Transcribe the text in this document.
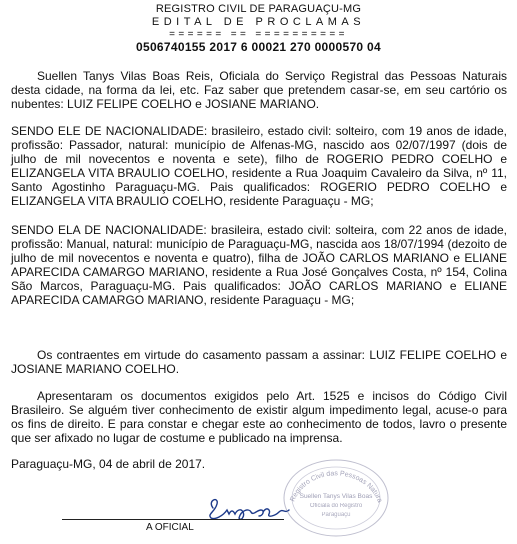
REGISTRO CIVIL DE PARAGUAÇU-MG
EDITAL DE PROCLAMAS
====== == ==========
0506740155 2017 6 00021 270 0000570 04

Suellen Tanys Vilas Boas Reis, Oficiala do Serviço Registral das Pessoas Naturais desta cidade, na forma da lei, etc. Faz saber que pretendem casar-se, em seu cartório os nubentes: LUIZ FELIPE COELHO e JOSIANE MARIANO.

SENDO ELE DE NACIONALIDADE: brasileiro, estado civil: solteiro, com 19 anos de idade, profissão: Passador, natural: município de Alfenas-MG, nascido aos 02/07/1997 (dois de julho de mil novecentos e noventa e sete), filho de ROGERIO PEDRO COELHO e ELIZANGELA VITA BRAULIO COELHO, residente a Rua Joaquim Cavaleiro da Silva, nº 11, Santo Agostinho Paraguaçu-MG. Pais qualificados: ROGERIO PEDRO COELHO e ELIZANGELA VITA BRAULIO COELHO, residente Paraguaçu - MG;

SENDO ELA DE NACIONALIDADE: brasileira, estado civil: solteira, com 22 anos de idade, profissão: Manual, natural: município de Paraguaçu-MG, nascida aos 18/07/1994 (dezoito de julho de mil novecentos e noventa e quatro), filha de JOÃO CARLOS MARIANO e ELIANE APARECIDA CAMARGO MARIANO, residente a Rua José Gonçalves Costa, nº 154, Colina São Marcos, Paraguaçu-MG. Pais qualificados: JOÃO CARLOS MARIANO e ELIANE APARECIDA CAMARGO MARIANO, residente Paraguaçu - MG;

Os contraentes em virtude do casamento passam a assinar: LUIZ FELIPE COELHO e JOSIANE MARIANO COELHO.

Apresentaram os documentos exigidos pelo Art. 1525 e incisos do Código Civil Brasileiro. Se alguém tiver conhecimento de existir algum impedimento legal, acuse-o para os fins de direito. E para constar e chegar este ao conhecimento de todos, lavro o presente que ser afixado no lugar de costume e publicado na imprensa.

Paraguaçu-MG, 04 de abril de 2017.

Registro Civil das Pessoas Natura
Suellen Tanys Vilas Boas
Oficiala do Registro
Paraguaçu
A OFICIAL
